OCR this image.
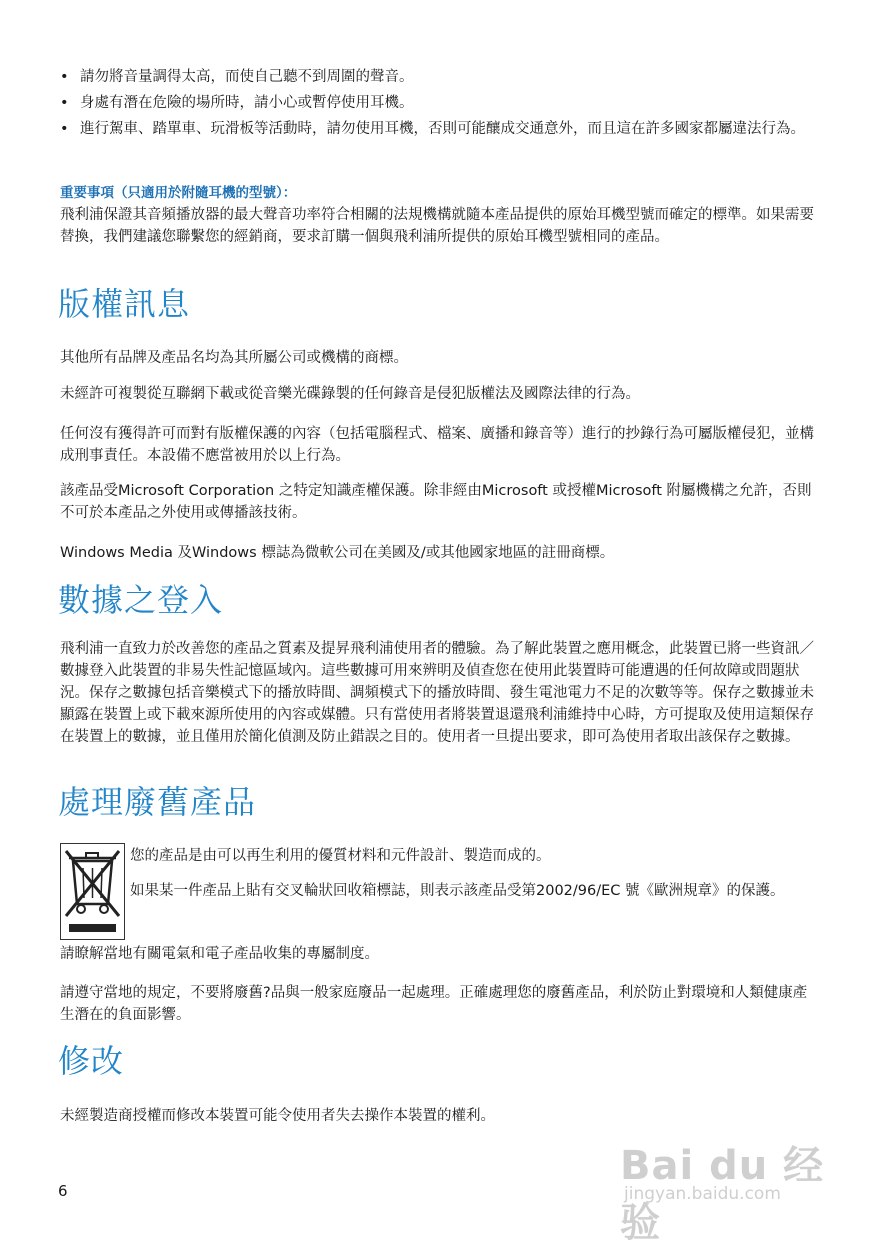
• 請勿將音量調得太高，而使自己聽不到周圍的聲音。
• 身處有潛在危險的場所時，請小心或暫停使用耳機。
• 進行駕車、踏單車、玩滑板等活動時，請勿使用耳機，否則可能釀成交通意外，而且這在許多國家都屬違法行為。
重要事項（只適用於附隨耳機的型號）：

飛利浦保證其音頻播放器的最大聲音功率符合相關的法規機構就隨本產品提供的原始耳機型號而確定的標準。如果需要替換，我們建議您聯繫您的經銷商，要求訂購一個與飛利浦所提供的原始耳機型號相同的產品。

版權訊息

其他所有品牌及產品名均為其所屬公司或機構的商標。

未經許可複製從互聯網下載或從音樂光碟錄製的任何錄音是侵犯版權法及國際法律的行為。

任何沒有獲得許可而對有版權保護的內容（包括電腦程式、檔案、廣播和錄音等）進行的抄錄行為可屬版權侵犯，並構成刑事責任。本設備不應當被用於以上行為。

該產品受Microsoft Corporation 之特定知識產權保護。除非經由Microsoft 或授權Microsoft 附屬機構之允許，否則不可於本產品之外使用或傳播該技術。

Windows Media 及Windows 標誌為微軟公司在美國及/或其他國家地區的註冊商標。

數據之登入

飛利浦一直致力於改善您的產品之質素及提昇飛利浦使用者的體驗。為了解此裝置之應用概念，此裝置已將一些資訊／數據登入此裝置的非易失性記憶區域內。這些數據可用來辨明及偵查您在使用此裝置時可能遭遇的任何故障或問題狀況。保存之數據包括音樂模式下的播放時間、調頻模式下的播放時間、發生電池電力不足的次數等等。保存之數據並未顯露在裝置上或下載來源所使用的內容或媒體。只有當使用者將裝置退還飛利浦維持中心時，方可提取及使用這類保存在裝置上的數據，並且僅用於簡化偵測及防止錯誤之目的。使用者一旦提出要求，即可為使用者取出該保存之數據。

處理廢舊產品

您的產品是由可以再生利用的優質材料和元件設計、製造而成的。

如果某一件產品上貼有交叉輪狀回收箱標誌，則表示該產品受第2002/96/EC 號《歐洲規章》的保護。

請瞭解當地有關電氣和電子產品收集的專屬制度。

請遵守當地的規定，不要將廢舊?品與一般家庭廢品一起處理。正確處理您的廢舊產品，利於防止對環境和人類健康產生潛在的負面影響。

修改

未經製造商授權而修改本裝置可能令使用者失去操作本裝置的權利。

6
Bai du 经验
jingyan.baidu.com
